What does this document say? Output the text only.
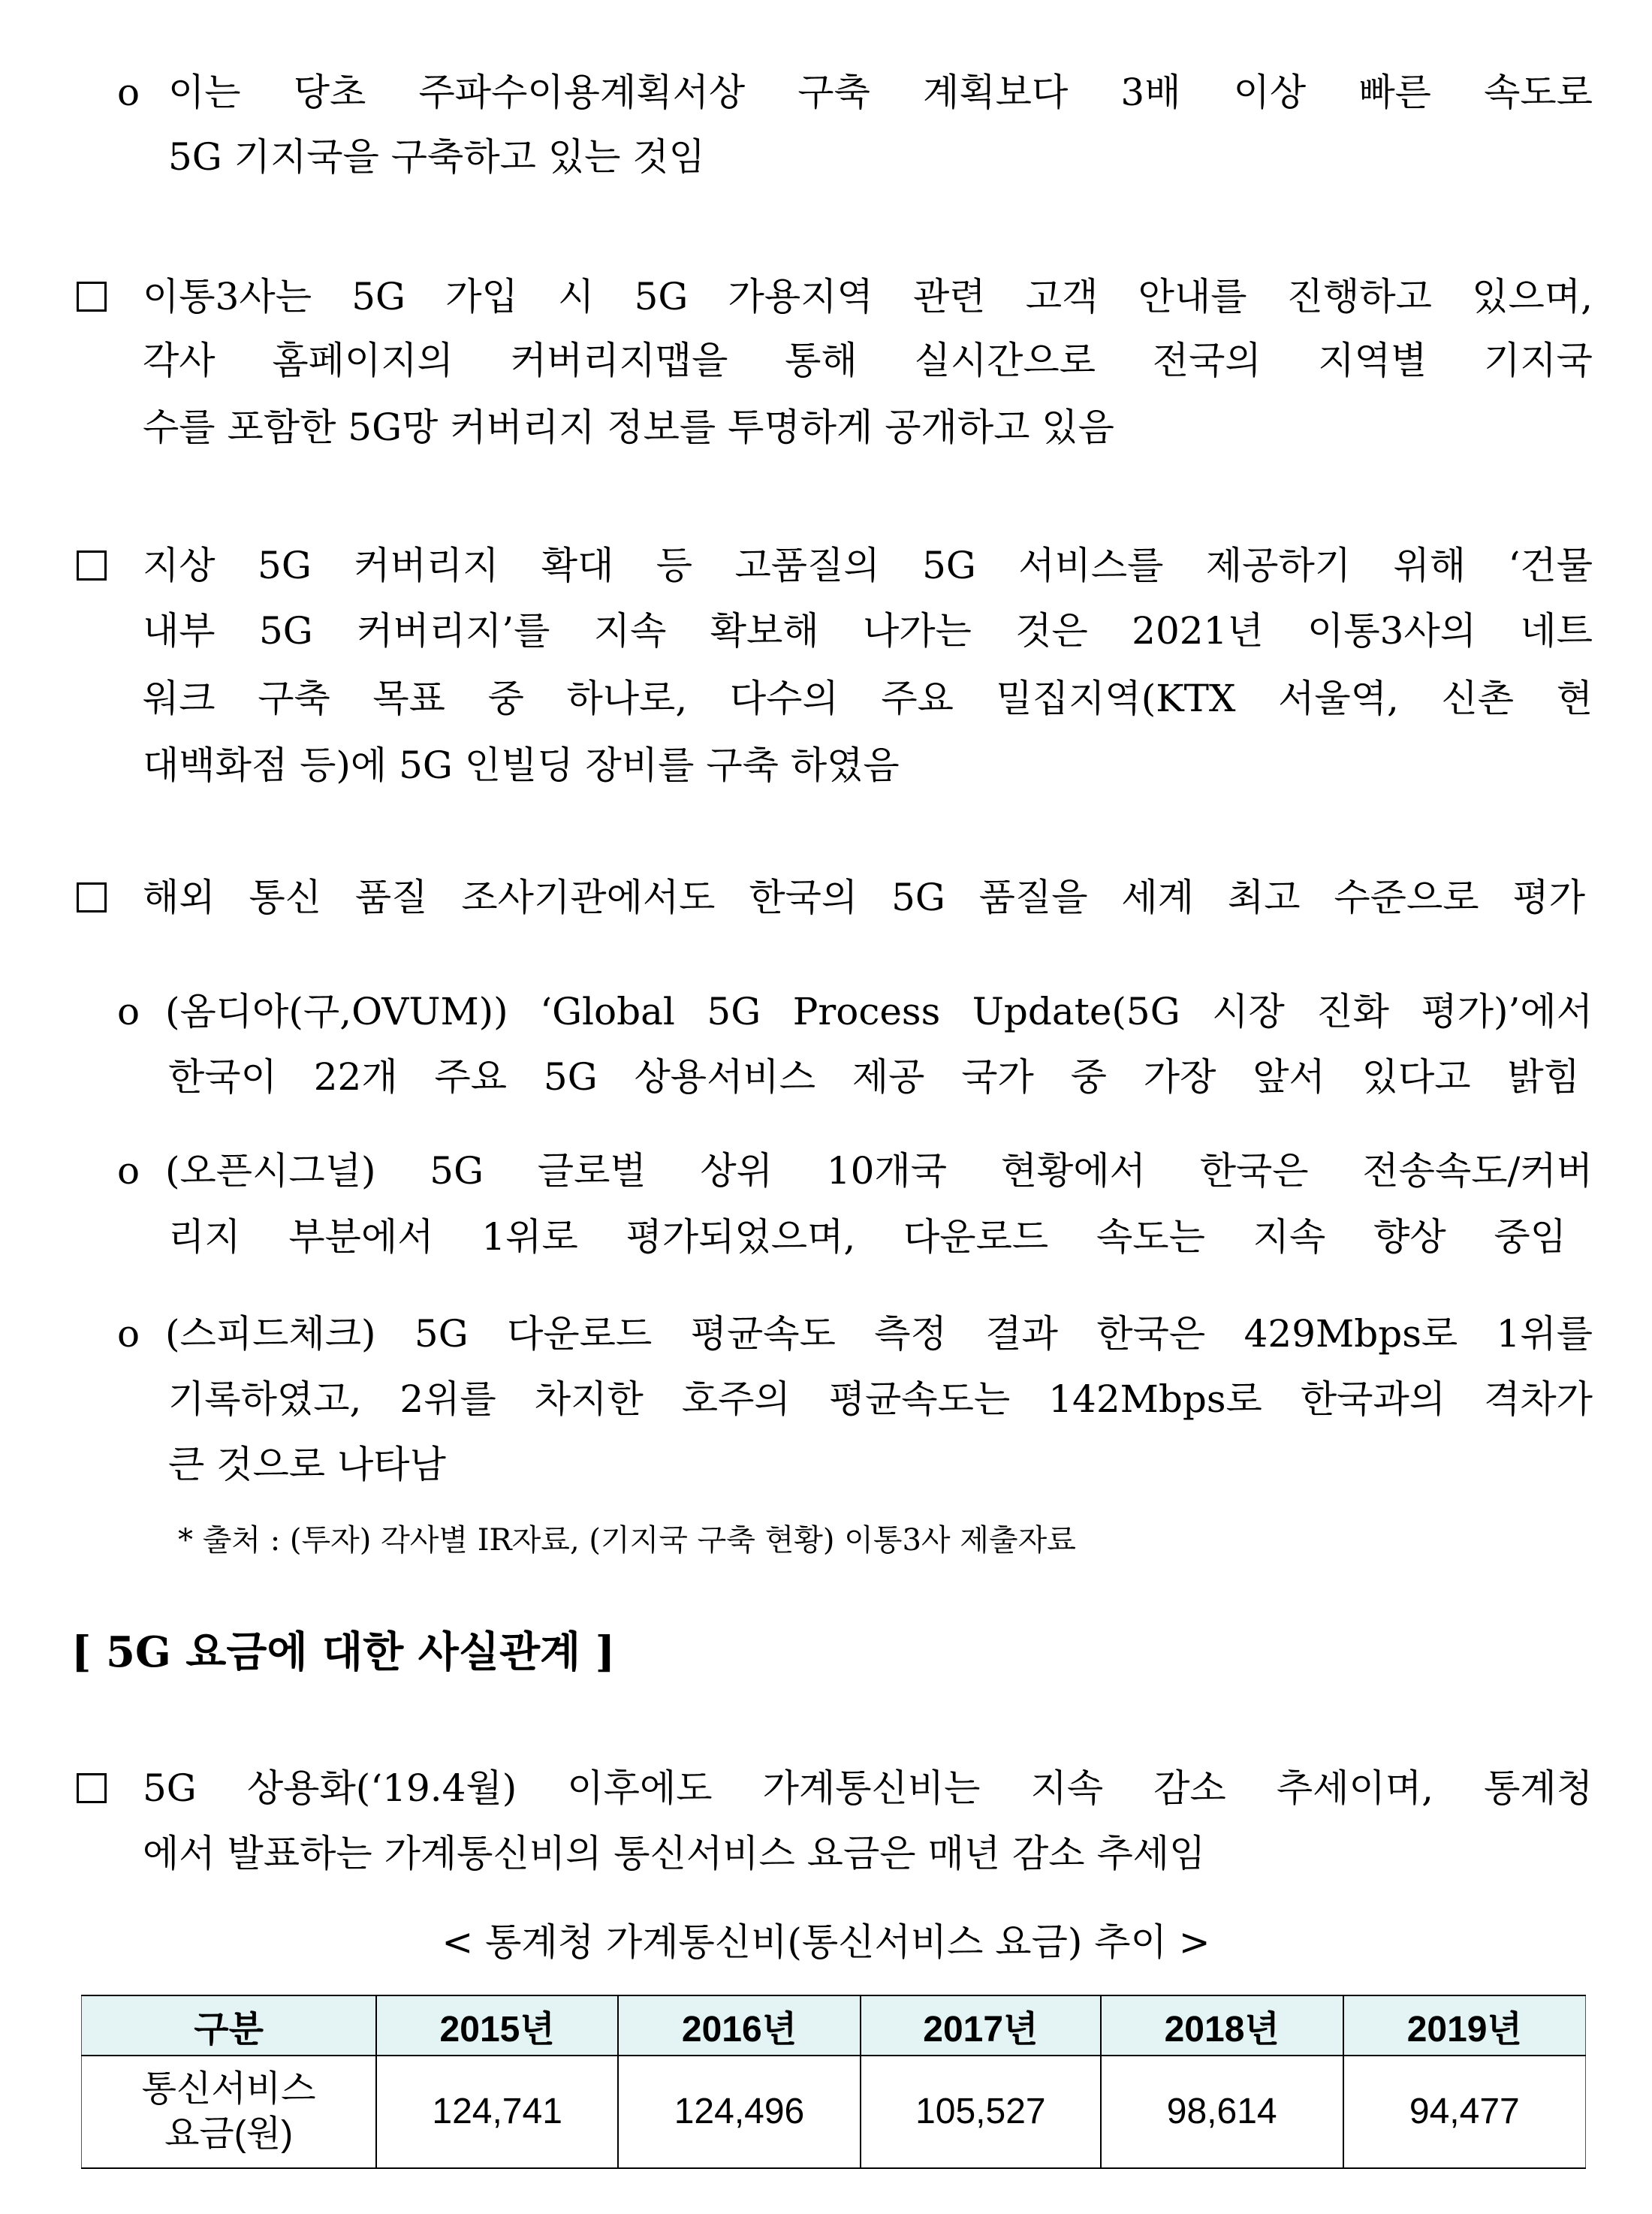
o 이는 당초 주파수이용계획서상 구축 계획보다 3배 이상 빠른 속도로
5G 기지국을 구축하고 있는 것임
이통3사는 5G 가입 시 5G 가용지역 관련 고객 안내를 진행하고 있으며,
각사 홈페이지의 커버리지맵을 통해 실시간으로 전국의 지역별 기지국
수를 포함한 5G망 커버리지 정보를 투명하게 공개하고 있음
지상 5G 커버리지 확대 등 고품질의 5G 서비스를 제공하기 위해 ‘건물
내부 5G 커버리지’를 지속 확보해 나가는 것은 2021년 이통3사의 네트
워크 구축 목표 중 하나로, 다수의 주요 밀집지역(KTX 서울역, 신촌 현
대백화점 등)에 5G 인빌딩 장비를 구축 하였음
해외 통신 품질 조사기관에서도 한국의 5G 품질을 세계 최고 수준으로 평가
o (옴디아(구,OVUM)) ‘Global 5G Process Update(5G 시장 진화 평가)’에서
한국이 22개 주요 5G 상용서비스 제공 국가 중 가장 앞서 있다고 밝힘
o (오픈시그널) 5G 글로벌 상위 10개국 현황에서 한국은 전송속도/커버
리지 부분에서 1위로 평가되었으며, 다운로드 속도는 지속 향상 중임
o (스피드체크) 5G 다운로드 평균속도 측정 결과 한국은 429Mbps로 1위를
기록하였고, 2위를 차지한 호주의 평균속도는 142Mbps로 한국과의 격차가
큰 것으로 나타남
* 출처 : (투자) 각사별 IR자료, (기지국 구축 현황) 이통3사 제출자료
[ 5G 요금에 대한 사실관계 ]
5G 상용화(‘19.4월) 이후에도 가계통신비는 지속 감소 추세이며, 통계청
에서 발표하는 가계통신비의 통신서비스 요금은 매년 감소 추세임
< 통계청 가계통신비(통신서비스 요금) 추이 >
구분	2015년	2016년	2017년	2018년	2019년
통신서비스
요금(원)	124,741	124,496	105,527	98,614	94,477
